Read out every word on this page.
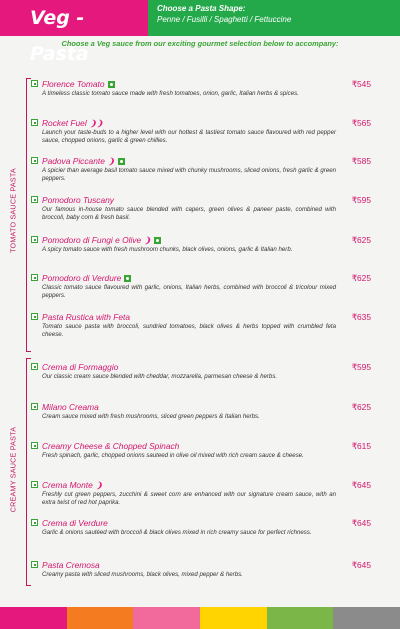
Veg - Pasta
Choose a Pasta Shape:
Penne / Fusilli / Spaghetti / Fettuccine
Choose a Veg sauce from our exciting gourmet selection below to accompany:
TOMATO SAUCE PASTA
Florence Tomato	₹545
A timeless classic tomato sauce made with fresh tomatoes, onion, garlic, Italian herbs & spices.
Rocket Fuel ❩❩	₹565
Launch your taste-buds to a higher level with our hottest & tastiest tomato sauce flavoured with red pepper sauce, chopped onions, garlic & green chillies.
Padova Piccante ❩	₹585
A spicier than average basil tomato sauce mixed with chunky mushrooms, sliced onions, fresh garlic & green peppers.
Pomodoro Tuscany	₹595
Our famous in-house tomato sauce blended with capers, green olives & paneer paste, combined with broccoli, baby corn & fresh basil.
Pomodoro di Fungi e Olive ❩	₹625
A spicy tomato sauce with fresh mushroom chunks, black olives, onions, garlic & Italian herb.
Pomodoro di Verdure	₹625
Classic tomato sauce flavoured with garlic, onions, Italian herbs, combined with broccoli & tricolour mixed peppers.
Pasta Rustica with Feta	₹635
Tomato sauce pasta with broccoli, sundried tomatoes, black olives & herbs topped with crumbled feta cheese.
CREAMY SAUCE PASTA
Crema di Formaggio	₹595
Our classic cream sauce blended with cheddar, mozzarella, parmesan cheese & herbs.
Milano Creama	₹625
Cream sauce mixed with fresh mushrooms, sliced green peppers & Italian herbs.
Creamy Cheese & Chopped Spinach	₹615
Fresh spinach, garlic, chopped onions sauteed in olive oil mixed with rich cream sauce & cheese.
Crema Monte ❩	₹645
Freshly cut green peppers, zucchini & sweet corn are enhanced with our signature cream sauce, with an extra twist of red hot paprika.
Crema di Verdure	₹645
Garlic & onions sautéed with broccoli & black olives mixed in rich creamy sauce for perfect richness.
Pasta Cremosa	₹645
Creamy pasta with sliced mushrooms, black olives, mixed pepper & herbs.
